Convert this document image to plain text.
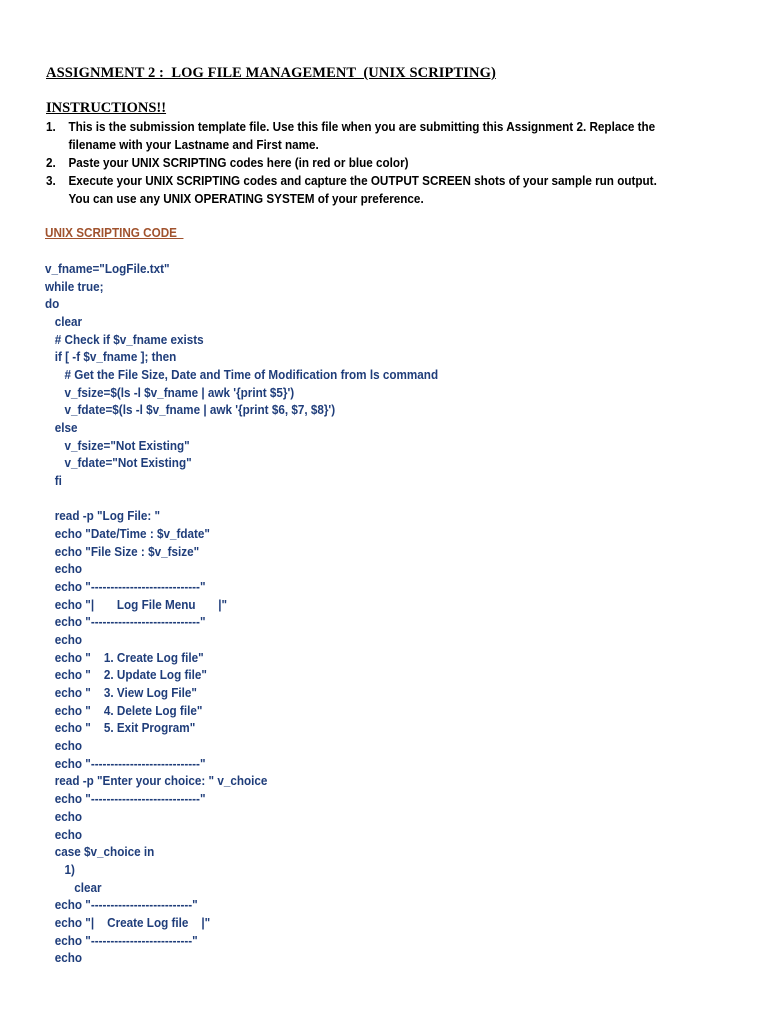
ASSIGNMENT 2 :  LOG FILE MANAGEMENT  (UNIX SCRIPTING)
INSTRUCTIONS!!
1. This is the submission template file. Use this file when you are submitting this Assignment 2. Replace the filename with your Lastname and First name.
2. Paste your UNIX SCRIPTING codes here (in red or blue color)
3. Execute your UNIX SCRIPTING codes and capture the OUTPUT SCREEN shots of your sample run output. You can use any UNIX OPERATING SYSTEM of your preference.
UNIX SCRIPTING CODE
v_fname="LogFile.txt"
while true;
do
clear
# Check if $v_fname exists
if [ -f $v_fname ]; then
# Get the File Size, Date and Time of Modification from ls command
v_fsize=$(ls -l $v_fname | awk '{print $5}')
v_fdate=$(ls -l $v_fname | awk '{print $6, $7, $8}')
else
v_fsize="Not Existing"
v_fdate="Not Existing"
fi
read -p "Log File: "
echo "Date/Time : $v_fdate"
echo "File Size : $v_fsize"
echo
echo "----------------------------"
echo "|       Log File Menu       |"
echo "----------------------------"
echo
echo "    1. Create Log file"
echo "    2. Update Log file"
echo "    3. View Log File"
echo "    4. Delete Log file"
echo "    5. Exit Program"
echo
echo "----------------------------"
read -p "Enter your choice: " v_choice
echo "----------------------------"
echo
echo
case $v_choice in
1)
clear
echo "--------------------------"
echo "|    Create Log file    |"
echo "--------------------------"
echo
